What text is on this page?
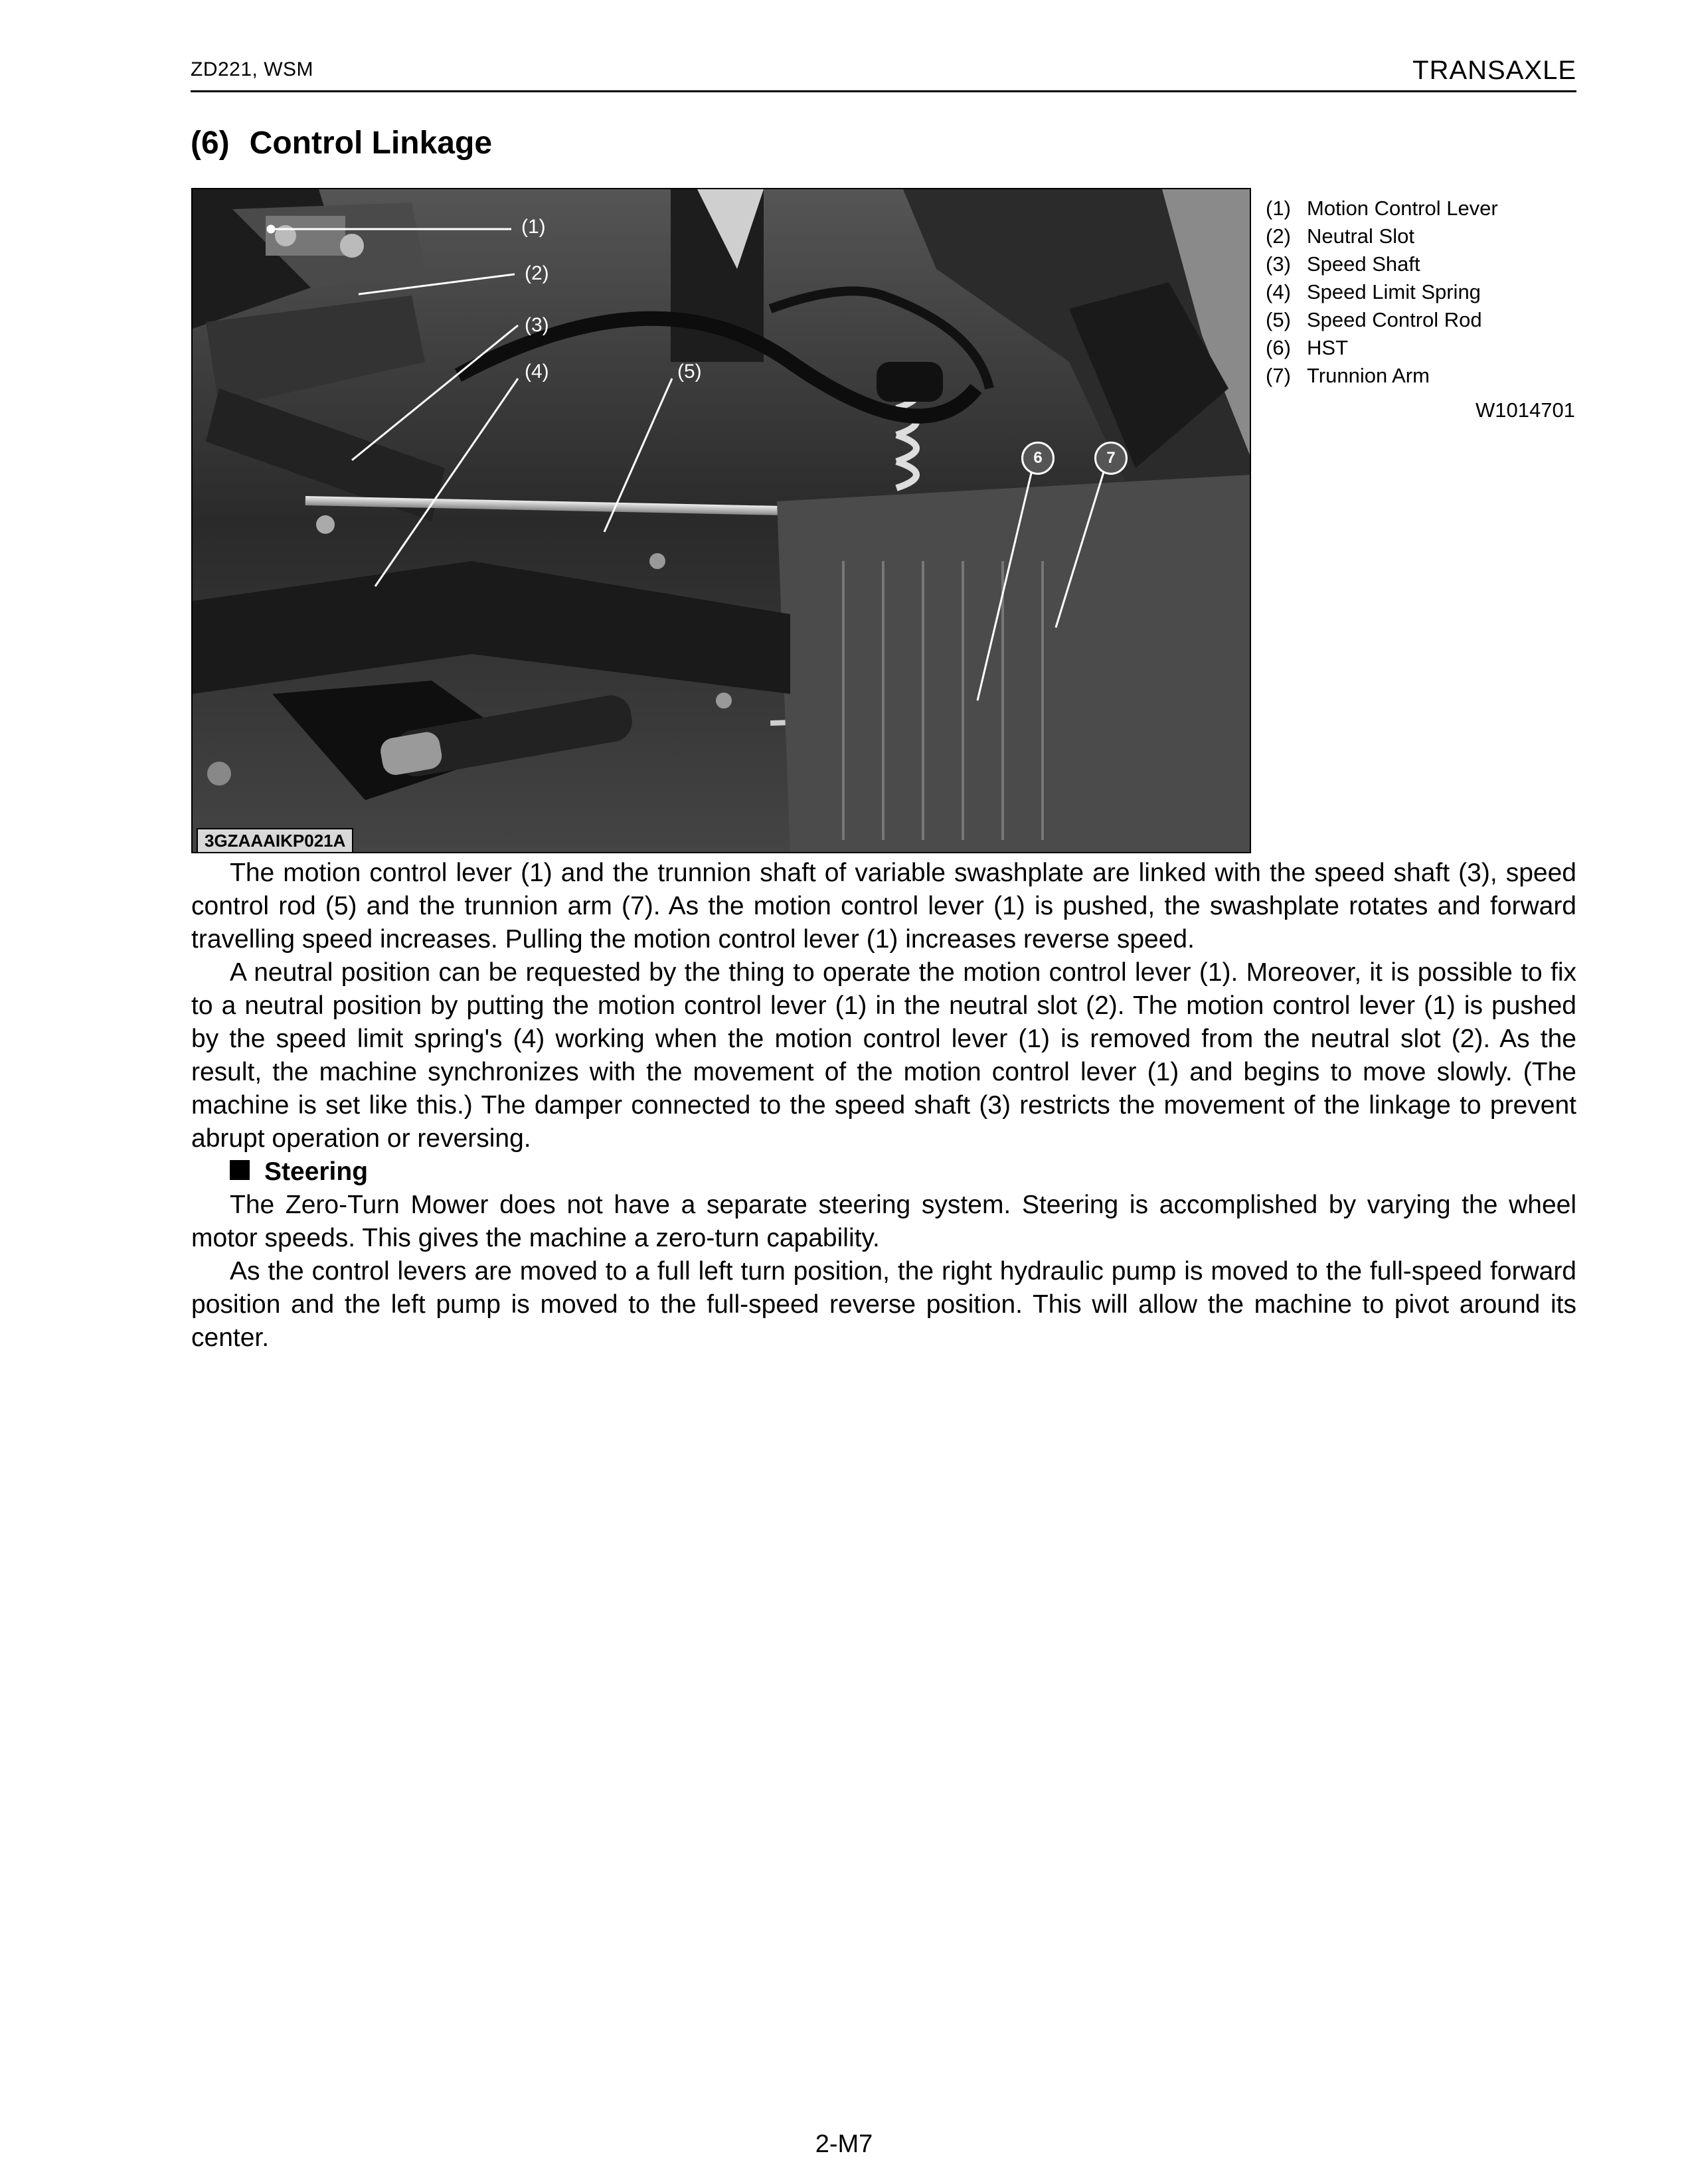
ZD221, WSM	TRANSAXLE
(6) Control Linkage
(1)
(2)
(3)
(4)	(5)
6	7
3GZAAAIKP021A
(1) Motion Control Lever
(2) Neutral Slot
(3) Speed Shaft
(4) Speed Limit Spring
(5) Speed Control Rod
(6) HST
(7) Trunnion Arm
W1014701

The motion control lever (1) and the trunnion shaft of variable swashplate are linked with the speed shaft (3), speed control rod (5) and the trunnion arm (7). As the motion control lever (1) is pushed, the swashplate rotates and forward travelling speed increases. Pulling the motion control lever (1) increases reverse speed.

A neutral position can be requested by the thing to operate the motion control lever (1). Moreover, it is possible to fix to a neutral position by putting the motion control lever (1) in the neutral slot (2). The motion control lever (1) is pushed by the speed limit spring's (4) working when the motion control lever (1) is removed from the neutral slot (2). As the result, the machine synchronizes with the movement of the motion control lever (1) and begins to move slowly. (The machine is set like this.) The damper connected to the speed shaft (3) restricts the movement of the linkage to prevent abrupt operation or reversing.

Steering

The Zero-Turn Mower does not have a separate steering system. Steering is accomplished by varying the wheel motor speeds. This gives the machine a zero-turn capability.

As the control levers are moved to a full left turn position, the right hydraulic pump is moved to the full-speed forward position and the left pump is moved to the full-speed reverse position. This will allow the machine to pivot around its center.

2-M7
